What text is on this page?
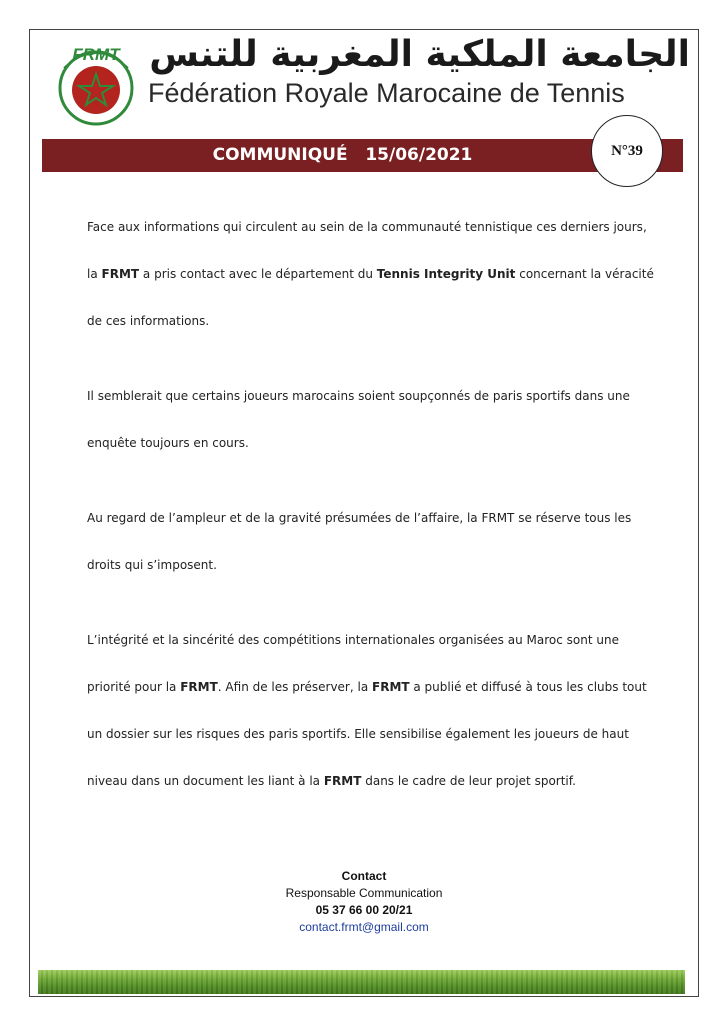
FRMT الجامعة الملكية المغربية للتنس
Fédération Royale Marocaine de Tennis
COMMUNIQUÉ   15/06/2021	N°39
Face aux informations qui circulent au sein de la communauté tennistique ces derniers jours,
la FRMT a pris contact avec le département du Tennis Integrity Unit concernant la véracité
de ces informations.
Il semblerait que certains joueurs marocains soient soupçonnés de paris sportifs dans une
enquête toujours en cours.
Au regard de l’ampleur et de la gravité présumées de l’affaire, la FRMT se réserve tous les
droits qui s’imposent.
L’intégrité et la sincérité des compétitions internationales organisées au Maroc sont une
priorité pour la FRMT. Afin de les préserver, la FRMT a publié et diffusé à tous les clubs tout
un dossier sur les risques des paris sportifs. Elle sensibilise également les joueurs de haut
niveau dans un document les liant à la FRMT dans le cadre de leur projet sportif.
Contact
Responsable Communication
05 37 66 00 20/21
contact.frmt@gmail.com
